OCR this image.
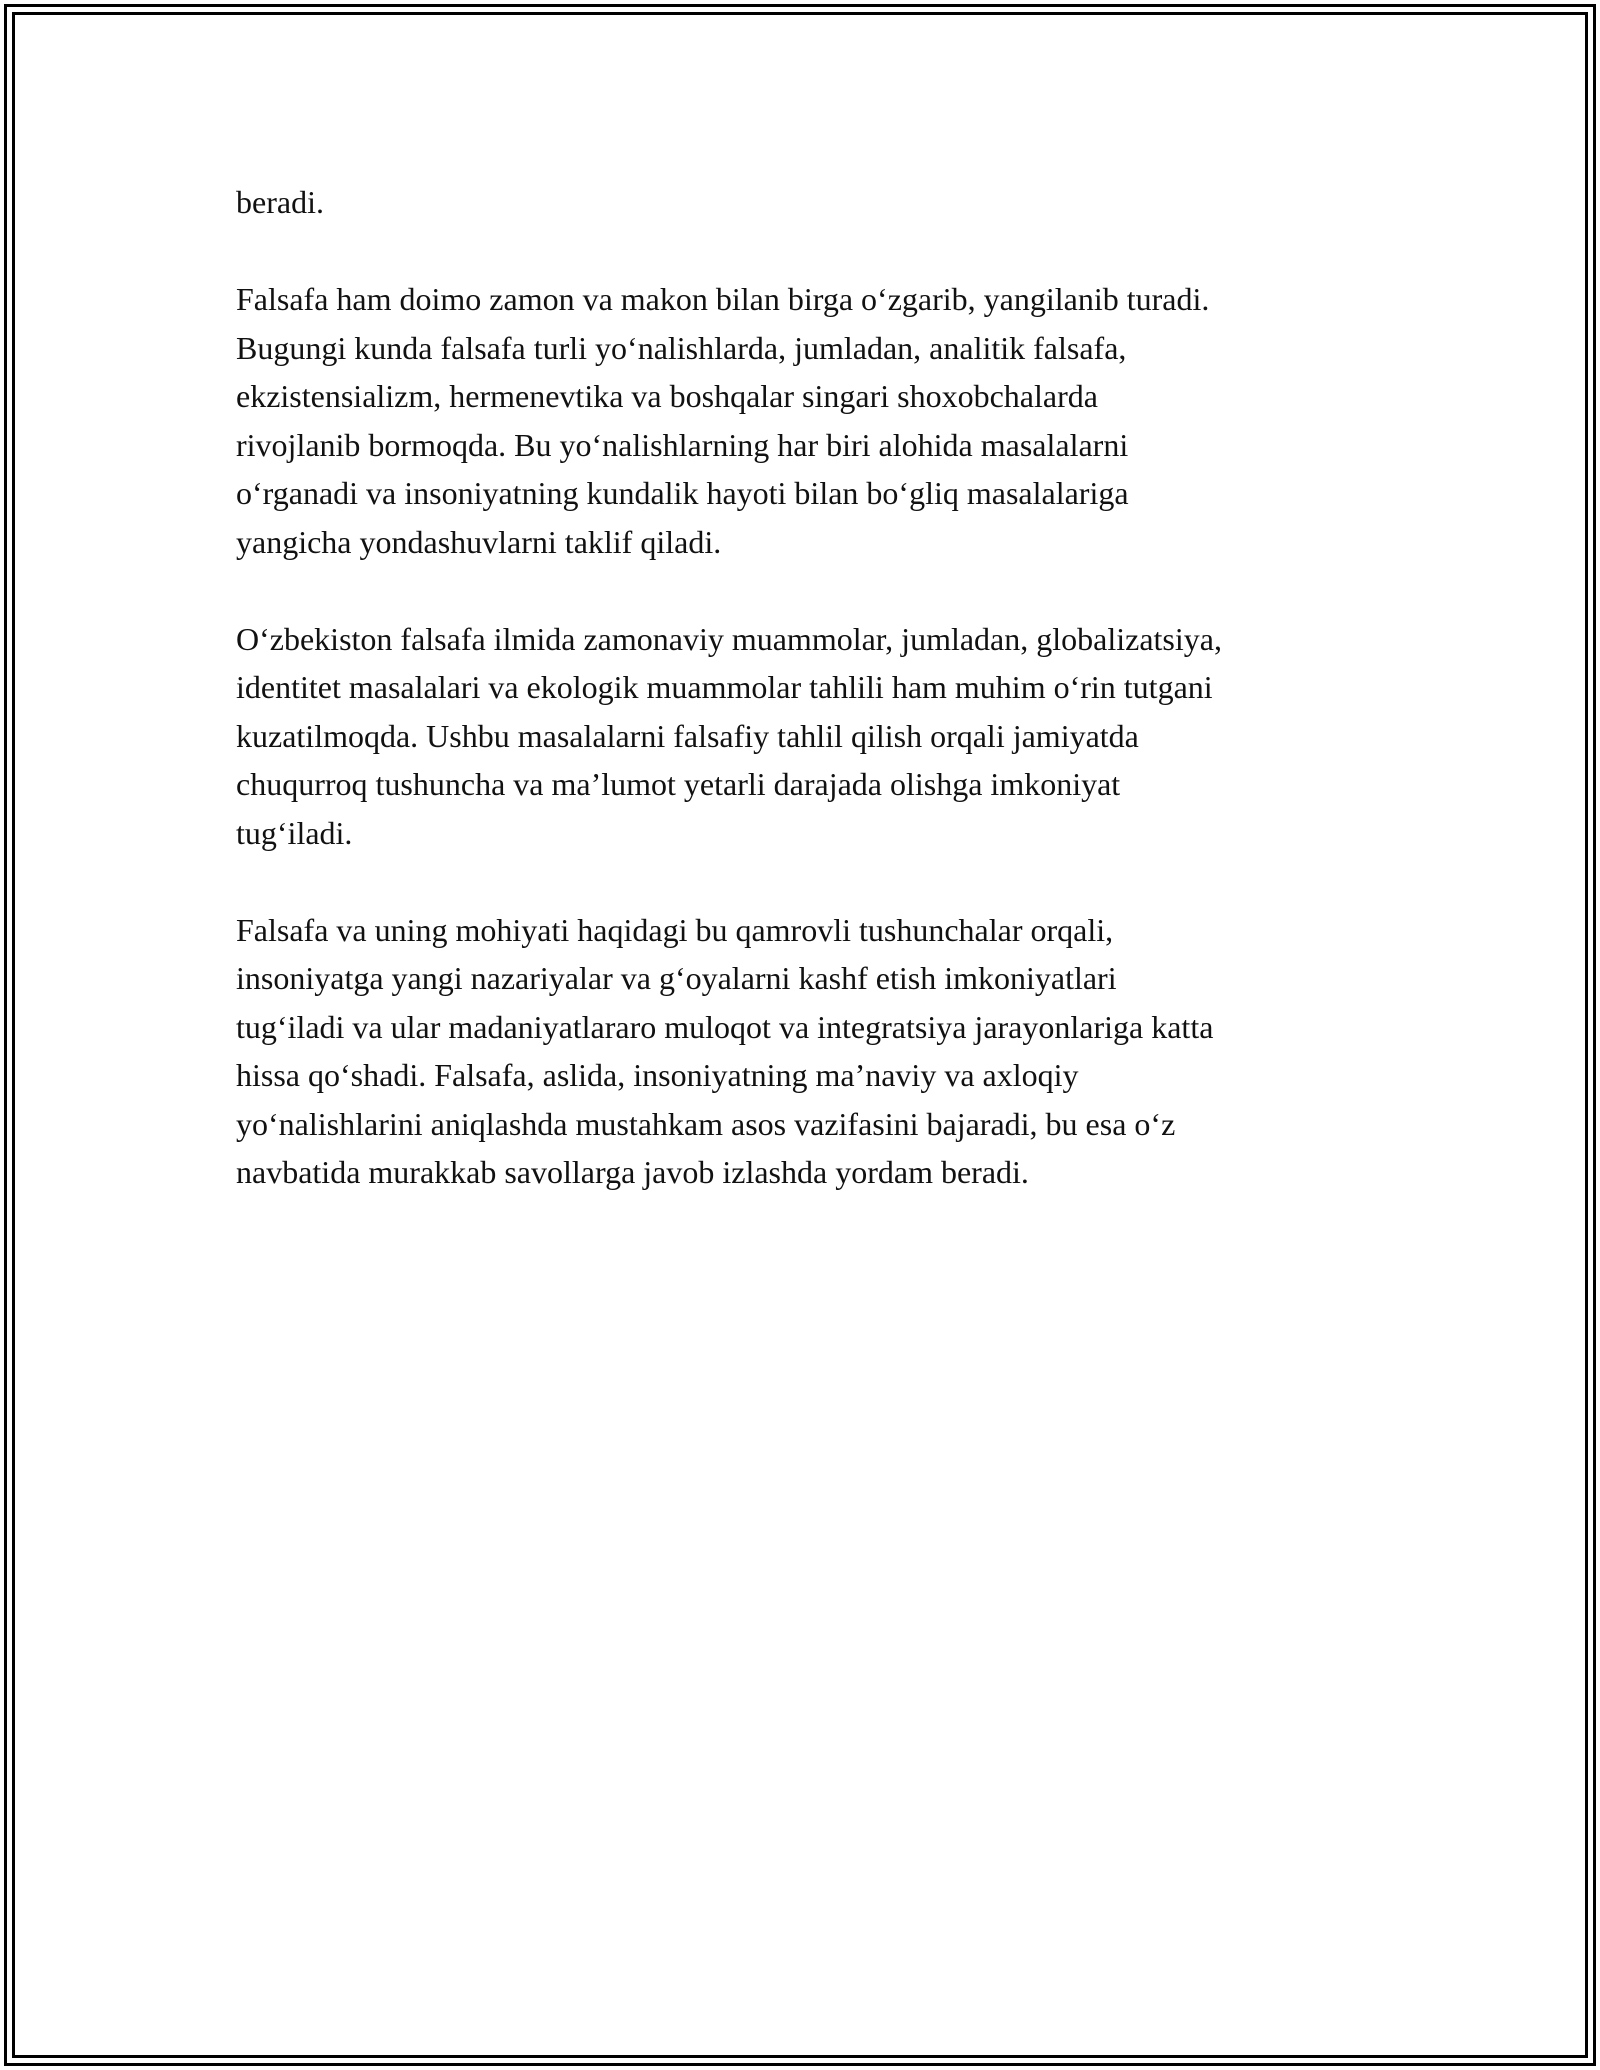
beradi.

Falsafa ham doimo zamon va makon bilan birga o‘zgarib, yangilanib turadi.
Bugungi kunda falsafa turli yo‘nalishlarda, jumladan, analitik falsafa,
ekzistensializm, hermenevtika va boshqalar singari shoxobchalarda
rivojlanib bormoqda. Bu yo‘nalishlarning har biri alohida masalalarni
o‘rganadi va insoniyatning kundalik hayoti bilan bo‘gliq masalalariga
yangicha yondashuvlarni taklif qiladi.

O‘zbekiston falsafa ilmida zamonaviy muammolar, jumladan, globalizatsiya,
identitet masalalari va ekologik muammolar tahlili ham muhim o‘rin tutgani
kuzatilmoqda. Ushbu masalalarni falsafiy tahlil qilish orqali jamiyatda
chuqurroq tushuncha va ma’lumot yetarli darajada olishga imkoniyat
tug‘iladi.

Falsafa va uning mohiyati haqidagi bu qamrovli tushunchalar orqali,
insoniyatga yangi nazariyalar va g‘oyalarni kashf etish imkoniyatlari
tug‘iladi va ular madaniyatlararo muloqot va integratsiya jarayonlariga katta
hissa qo‘shadi. Falsafa, aslida, insoniyatning ma’naviy va axloqiy
yo‘nalishlarini aniqlashda mustahkam asos vazifasini bajaradi, bu esa o‘z
navbatida murakkab savollarga javob izlashda yordam beradi.
